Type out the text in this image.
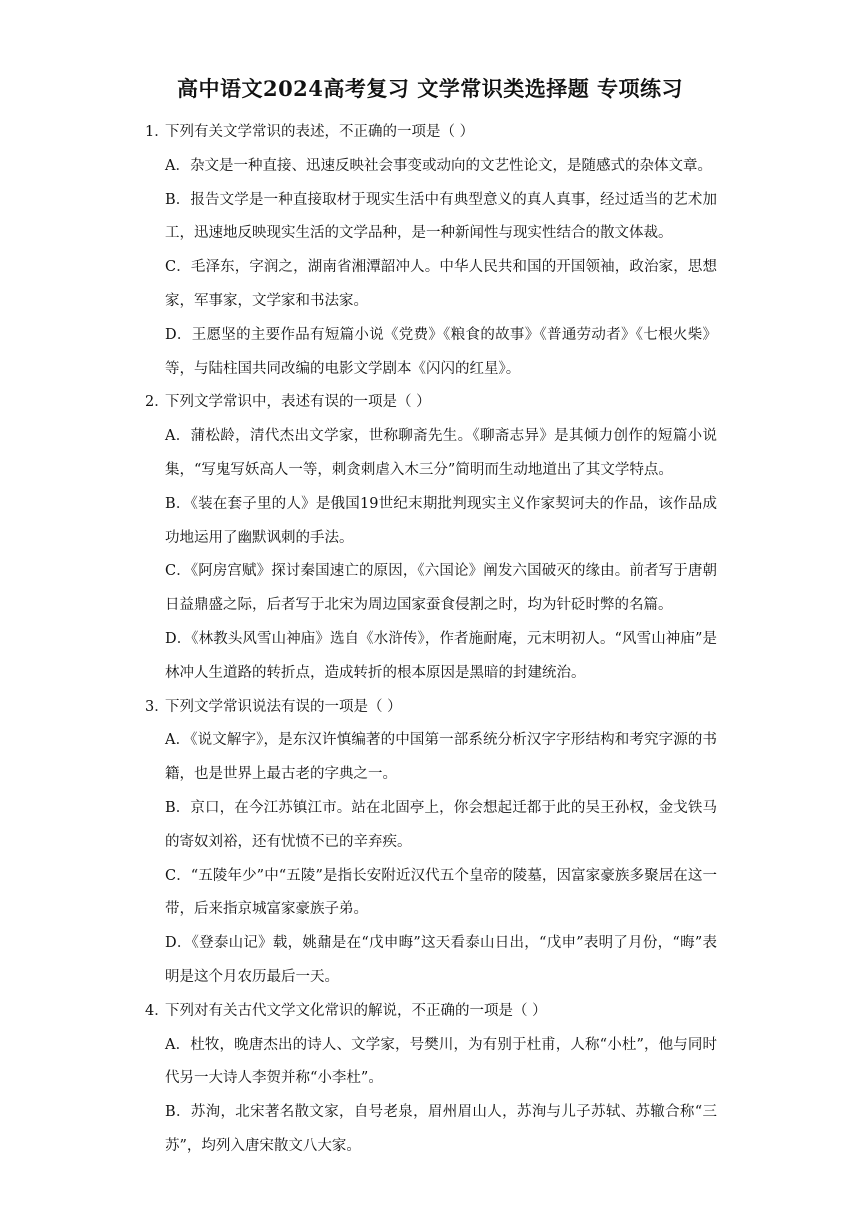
高中语文2024高考复习 文学常识类选择题 专项练习
1．
下列有关文学常识的表述，不正确的一项是（ ）
A．杂文是一种直接、迅速反映社会事变或动向的文艺性论文，是随感式的杂体文章。
B．报告文学是一种直接取材于现实生活中有典型意义的真人真事，经过适当的艺术加工，迅速地反映现实生活的文学品种，是一种新闻性与现实性结合的散文体裁。
C．毛泽东，字润之，湖南省湘潭韶冲人。中华人民共和国的开国领袖，政治家，思想家，军事家，文学家和书法家。
D．王愿坚的主要作品有短篇小说《党费》《粮食的故事》《普通劳动者》《七根火柴》等，与陆柱国共同改编的电影文学剧本《闪闪的红星》。
2．
下列文学常识中，表述有误的一项是（ ）
A．蒲松龄，清代杰出文学家，世称聊斋先生。《聊斋志异》是其倾力创作的短篇小说集，“写鬼写妖高人一等，刺贪刺虐入木三分”简明而生动地道出了其文学特点。
B．《装在套子里的人》是俄国19世纪末期批判现实主义作家契诃夫的作品，该作品成功地运用了幽默讽刺的手法。
C．《阿房宫赋》探讨秦国速亡的原因，《六国论》阐发六国破灭的缘由。前者写于唐朝日益鼎盛之际，后者写于北宋为周边国家蚕食侵割之时，均为针砭时弊的名篇。
D．《林教头风雪山神庙》选自《水浒传》，作者施耐庵，元末明初人。“风雪山神庙”是林冲人生道路的转折点，造成转折的根本原因是黑暗的封建统治。
3．
下列文学常识说法有误的一项是（ ）
A．《说文解字》，是东汉许慎编著的中国第一部系统分析汉字字形结构和考究字源的书籍，也是世界上最古老的字典之一。
B．京口，在今江苏镇江市。站在北固亭上，你会想起迁都于此的吴王孙权，金戈铁马的寄奴刘裕，还有忧愤不已的辛弃疾。
C．“五陵年少”中“五陵”是指长安附近汉代五个皇帝的陵墓，因富家豪族多聚居在这一带，后来指京城富家豪族子弟。
D．《登泰山记》载，姚鼐是在“戊申晦”这天看泰山日出，“戊申”表明了月份，“晦”表明是这个月农历最后一天。
4．
下列对有关古代文学文化常识的解说，不正确的一项是（ ）
A．杜牧，晚唐杰出的诗人、文学家，号樊川，为有别于杜甫，人称“小杜”，他与同时代另一大诗人李贺并称“小李杜”。
B．苏洵，北宋著名散文家，自号老泉，眉州眉山人，苏洵与儿子苏轼、苏辙合称“三苏”，均列入唐宋散文八大家。
